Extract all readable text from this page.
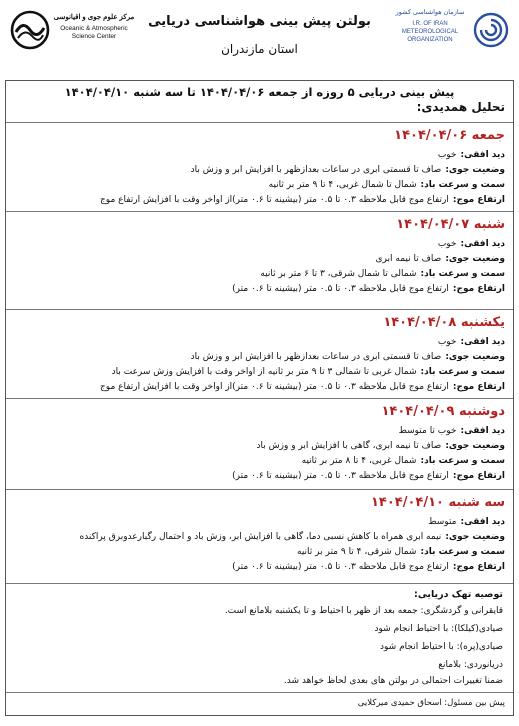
سازمان هواشناسی کشور
I.R. OF IRAN
METEOROLOGICAL
ORGANIZATION
بولتن پیش بینی هواشناسی دریایی
استان مازندران
مرکز علوم جوی و اقیانوسی
Oceanic & Atmospheric
Science Center
پیش بینی دریایی ۵ روزه از جمعه ۱۴۰۴/۰۴/۰۶ تا سه شنبه ۱۴۰۴/۰۴/۱۰
تحلیل همدیدی:
جمعه ۱۴۰۴/۰۴/۰۶
دید افقی:خوب
وضعیت جوی:صاف تا قسمتی ابری در ساعات بعدازظهر با افزایش ابر و وزش باد
سمت و سرعت باد:شمال تا شمال غربی، ۴ تا ۹ متر بر ثانیه
ارتفاع موج:ارتفاع موج قابل ملاحظه ۰.۳ تا ۰.۵ متر (بیشینه تا ۰.۶ متر)از اواخر وقت با افزایش ارتفاع موج
شنبه ۱۴۰۴/۰۴/۰۷
دید افقی:خوب
وضعیت جوی:صاف تا نیمه ابری
سمت و سرعت باد:شمالی تا شمال شرقی، ۳ تا ۶ متر بر ثانیه
ارتفاع موج:ارتفاع موج قابل ملاحظه ۰.۳ تا ۰.۵ متر (بیشینه تا ۰.۶ متر)
یکشنبه ۱۴۰۴/۰۴/۰۸
دید افقی:خوب
وضعیت جوی:صاف تا قسمتی ابری در ساعات بعدازظهر با افزایش ابر و وزش باد
سمت و سرعت باد:شمال غربی تا شمالی ۳ تا ۹ متر بر ثانیه از اواخر وقت با افزایش وزش سرعت باد
ارتفاع موج:ارتفاع موج قابل ملاحظه ۰.۳ تا ۰.۵ متر (بیشینه تا ۰.۶ متر)از اواخر وقت با افزایش ارتفاع موج
دوشنبه ۱۴۰۴/۰۴/۰۹
دید افقی:خوب تا متوسط
وضعیت جوی:صاف تا نیمه ابری، گاهی با افزایش ابر و وزش باد
سمت و سرعت باد:شمال غربی، ۴ تا ۸ متر بر ثانیه
ارتفاع موج:ارتفاع موج قابل ملاحظه ۰.۳ تا ۰.۵ متر (بیشینه تا ۰.۶ متر)
سه شنبه ۱۴۰۴/۰۴/۱۰
دید افقی:متوسط
وضعیت جوی:نیمه ابری همراه با کاهش نسبی دما، گاهی با افزایش ابر، وزش باد و احتمال رگبارعدوبرق پراکنده
سمت و سرعت باد:شمال شرقی، ۴ تا ۹ متر بر ثانیه
ارتفاع موج:ارتفاع موج قابل ملاحظه ۰.۳ تا ۰.۵ متر (بیشینه تا ۰.۶ متر)
توصیه تهک دریایی:
قایقرانی و گردشگری: جمعه بعد از ظهر با احتیاط و تا یکشنبه بلامانع است.
صیادی(کیلکا): با احتیاط انجام شود
صیادی(پره): با احتیاط انجام شود
دریانوردی: بلامانع
ضمنا تغییرات احتمالی در بولتن های بعدی لحاظ خواهد شد.
پیش بین مسئول: اسحاق حمیدی میرکلایی
